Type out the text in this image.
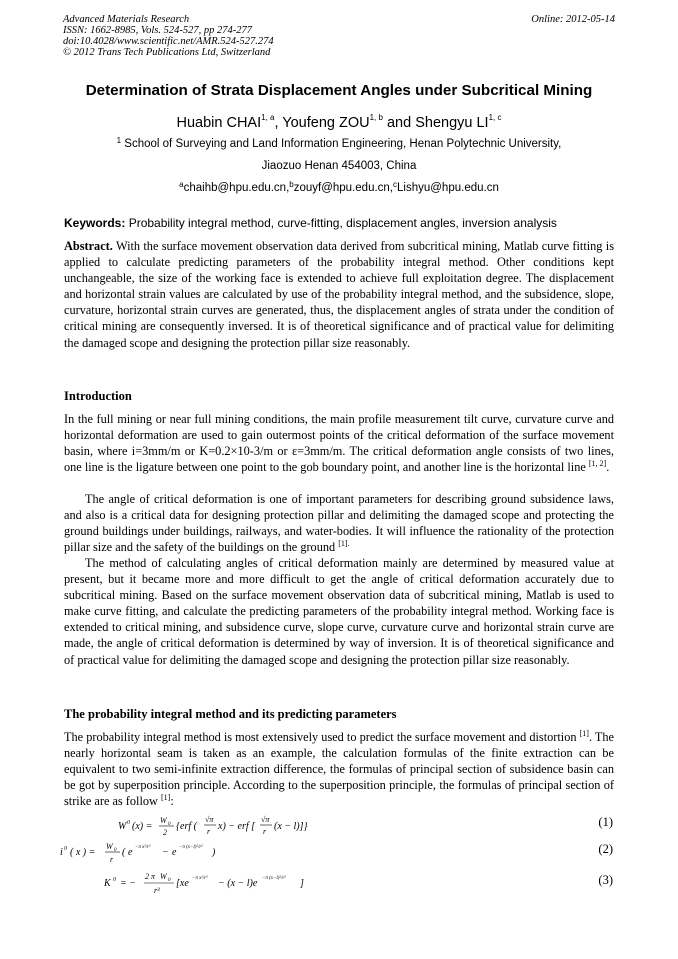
Advanced Materials Research
ISSN: 1662-8985, Vols. 524-527, pp 274-277
doi:10.4028/www.scientific.net/AMR.524-527.274
© 2012 Trans Tech Publications Ltd, Switzerland
Online: 2012-05-14
Determination of Strata Displacement Angles under Subcritical Mining
Huabin CHAI$^{1, a}$, Youfeng ZOU$^{1, b}$ and Shengyu LI$^{1, c}$
$^1$ School of Surveying and Land Information Engineering, Henan Polytechnic University,
Jiaozuo Henan 454003, China
$^a$chaihb@hpu.edu.cn,$^b$zouyf@hpu.edu.cn,$^c$Lishyu@hpu.edu.cn
Keywords: Probability integral method, curve-fitting, displacement angles, inversion analysis
Abstract. With the surface movement observation data derived from subcritical mining, Matlab curve fitting is applied to calculate predicting parameters of the probability integral method. Other conditions kept unchangeable, the size of the working face is extended to achieve full exploitation degree. The displacement and horizontal strain values are calculated by use of the probability integral method, and the subsidence, slope, curvature, horizontal strain curves are generated, thus, the displacement angles of strata under the condition of critical mining are consequently inversed. It is of theoretical significance and of practical value for delimiting the damaged scope and designing the protection pillar size reasonably.
Introduction
In the full mining or near full mining conditions, the main profile measurement tilt curve, curvature curve and horizontal deformation are used to gain outermost points of the critical deformation of the surface movement basin, where i=3mm/m or K=0.2×10-3/m or ε=3mm/m. The critical deformation angle consists of two lines, one line is the ligature between one point to the gob boundary point, and another line is the horizontal line [1, 2].
The angle of critical deformation is one of important parameters for describing ground subsidence laws, and also is a critical data for designing protection pillar and delimiting the damaged scope and protecting the ground buildings under buildings, railways, and water-bodies. It will influence the rationality of the protection pillar size and the safety of the buildings on the ground $^{[1].}$
The method of calculating angles of critical deformation mainly are determined by measured value at present, but it became more and more difficult to get the angle of critical deformation accurately due to subcritical mining. Based on the surface movement observation data of subcritical mining, Matlab is used to make curve fitting, and calculate the predicting parameters of the probability integral method. Working face is extended to critical mining, and subsidence curve, slope curve, curvature curve and horizontal strain curve are made, the angle of critical deformation is determined by way of inversion. It is of theoretical significance and of practical value for delimiting the damaged scope and designing the protection pillar size reasonably.
The probability integral method and its predicting parameters
The probability integral method is most extensively used to predict the surface movement and distortion [1]. The nearly horizontal seam is taken as an example, the calculation formulas of the finite extraction can be equivalent to two semi-infinite extraction difference, the formulas of principal section of subsidence basin can be got by superposition principle. According to the superposition principle, the formulas of principal section of strike are as follow [1]:
W 0 (x) =
W 0
2
{erf (
√π
r x) − erf [
√π
r (x − l)]}	(1)
i 0 ( x ) =
W 0
r
( e −π x²/r² − e −π (x−l)²/r² )	(2)
K 0 = −
2 π W 0
r³
[xe −π x²/r² − (x − l)e −π (x−l)²/r² ]	(3)
